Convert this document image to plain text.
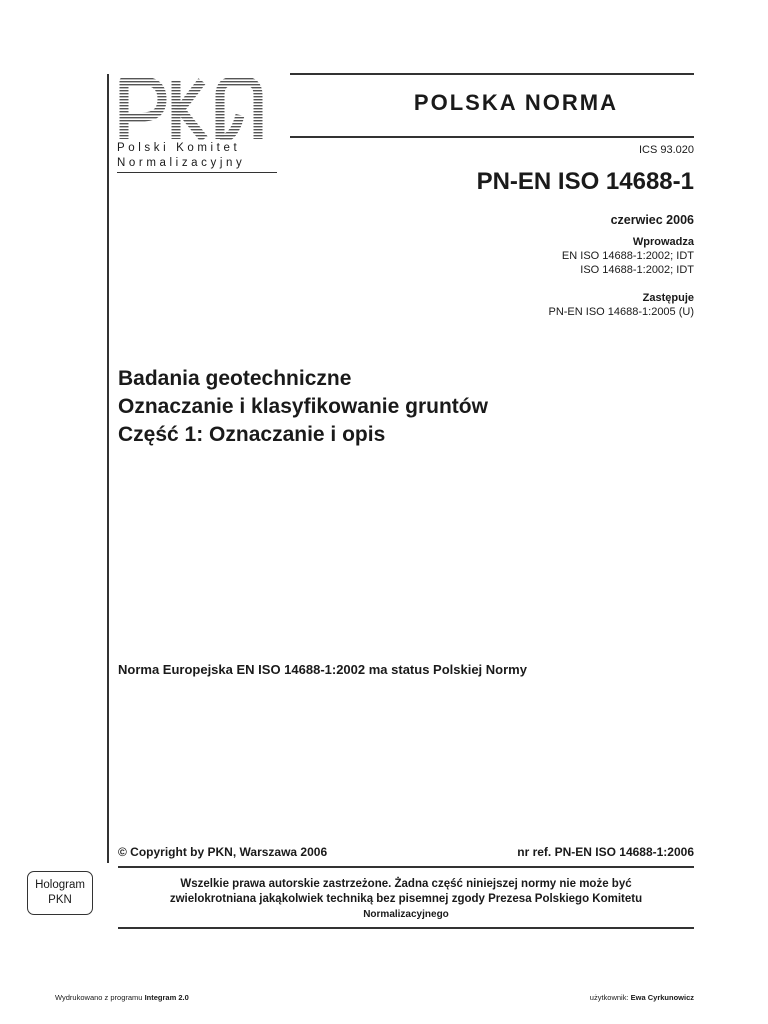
Polski Komitet
Normalizacyjny
POLSKA NORMA
ICS 93.020
PN-EN ISO 14688-1
czerwiec 2006
Wprowadza
EN ISO 14688-1:2002; IDT
ISO 14688-1:2002; IDT
Zastępuje
PN-EN ISO 14688-1:2005 (U)
Badania geotechniczne
Oznaczanie i klasyfikowanie gruntów
Część 1: Oznaczanie i opis
Norma Europejska EN ISO 14688-1:2002 ma status Polskiej Normy
© Copyright by PKN, Warszawa 2006	nr ref. PN-EN ISO 14688-1:2006
Wszelkie prawa autorskie zastrzeżone. Żadna część niniejszej normy nie może być
zwielokrotniana jakąkolwiek techniką bez pisemnej zgody Prezesa Polskiego Komitetu
Normalizacyjnego
Hologram
PKN
Wydrukowano z programu Integram 2.0	użytkownik: Ewa Cyrkunowicz
